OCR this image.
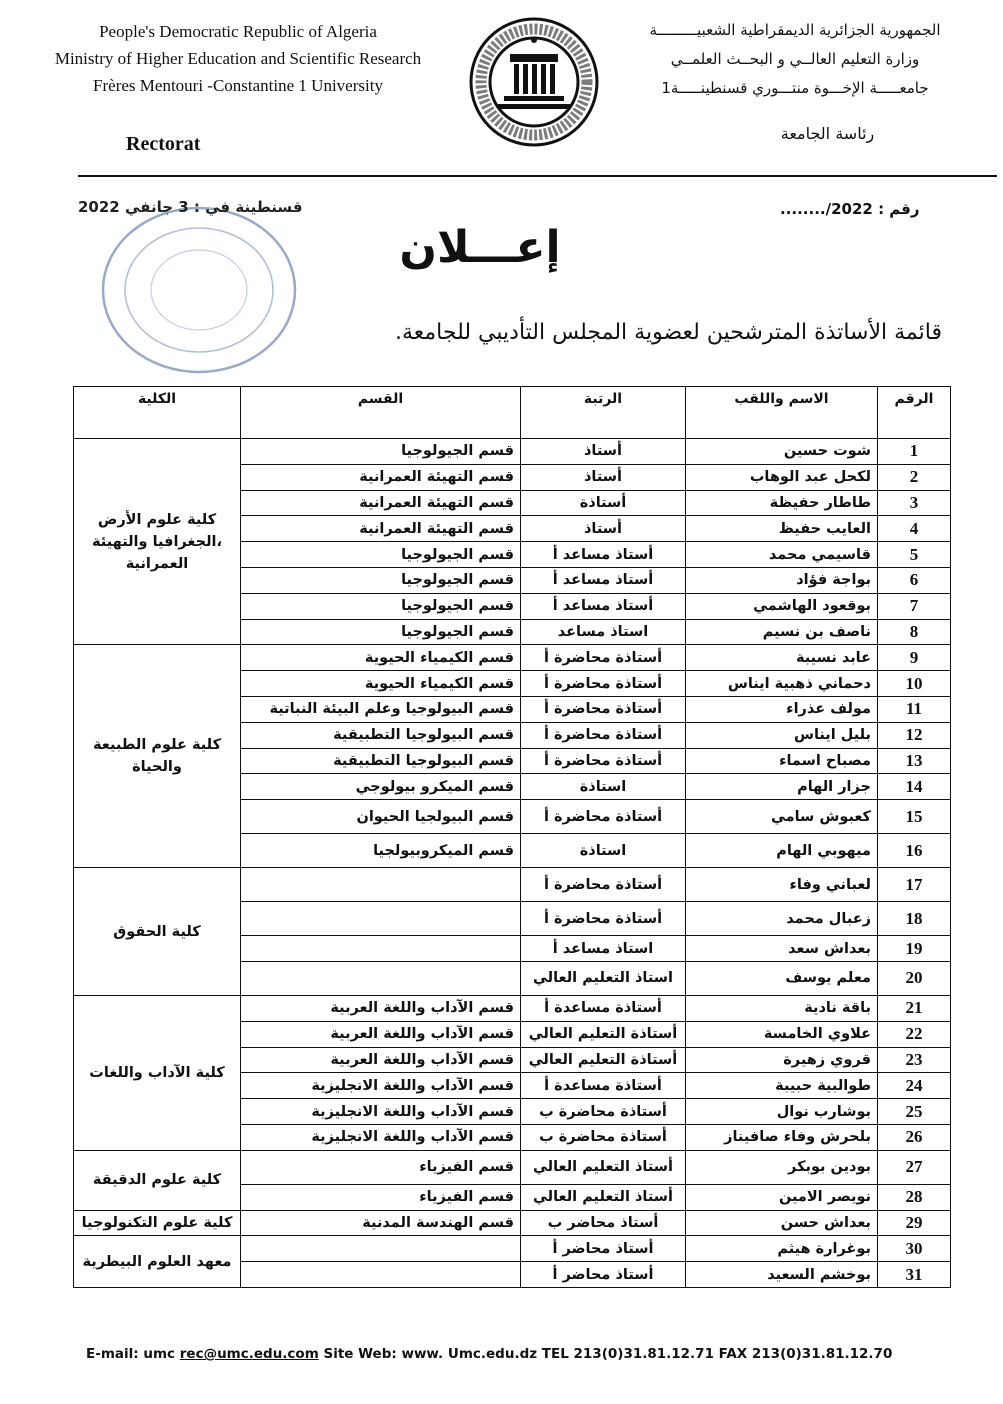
People's Democratic Republic of Algeria
Ministry of Higher Education and Scientific Research
Frères Mentouri -Constantine 1 University
الجمهورية الجزائرية الديمقراطية الشعبيـــــــــة
وزارة التعليم العالــي و البحــث العلمــي
جامعـــــة الإخـــوة منتـــوري قسنطينـــــة1
Rectorat	رئاسة الجامعة
رقم : 2022/........
قسنطينة في : 3 جانفي 2022
إعـــلان
قائمة الأساتذة المترشحين لعضوية المجلس التأديبي للجامعة.
الرقم	الاسم واللقب	الرتبة	القسم	الكلية
1	شوت حسين	أستاذ	قسم الجيولوجيا	كلية علوم الأرض ،الجغرافيا والتهيئة العمرانية
2	لكحل عبد الوهاب	أستاذ	قسم التهيئة العمرانية	
3	طاطار حفيظة	أستاذة	قسم التهيئة العمرانية	
4	العايب حفيظ	أستاذ	قسم التهيئة العمرانية	
5	قاسيمي محمد	أستاذ مساعد أ	قسم الجيولوجيا	
6	بواجة فؤاد	أستاذ مساعد أ	قسم الجيولوجيا	
7	بوقعود الهاشمي	أستاذ مساعد أ	قسم الجيولوجيا	
8	ناصف بن نسيم	استاذ مساعد	قسم الجيولوجيا	
9	عابد نسيبة	أستاذة محاضرة أ	قسم الكيمياء الحيوية	كلية علوم الطبيعة والحياة
10	دحماني ذهبية ايناس	أستاذة محاضرة أ	قسم الكيمياء الحيوية	
11	مولف عذراء	أستاذة محاضرة أ	قسم البيولوجيا وعلم البيئة النباتية	
12	بليل ايناس	أستاذة محاضرة أ	قسم البيولوجيا التطبيقية	
13	مصباح اسماء	أستاذة محاضرة أ	قسم البيولوجيا التطبيقية	
14	جزار الهام	استاذة	قسم الميكرو بيولوجي	
15	كعبوش سامي	أستاذة محاضرة أ	قسم البيولجيا الحيوان	
16	ميهوبي الهام	استاذة	قسم الميكروبيولجيا	
17	لعباني وفاء	أستاذة محاضرة أ		كلية الحقوق
18	زعبال محمد	أستاذة محاضرة أ		
19	بعداش سعد	استاذ مساعد أ		
20	معلم يوسف	استاذ التعليم العالي		
21	باقة نادية	أستاذة مساعدة أ	قسم الآداب واللغة العربية	كلية الآداب واللغات
22	علاوي الخامسة	أستاذة التعليم العالي	قسم الآداب واللغة العربية	
23	قروي زهيرة	أستاذة التعليم العالي	قسم الآداب واللغة العربية	
24	طوالبية حبيبة	أستاذة مساعدة أ	قسم الآداب واللغة الانجليزية	
25	بوشارب نوال	أستاذة محاضرة ب	قسم الآداب واللغة الانجليزية	
26	بلحرش وفاء صافيناز	أستاذة محاضرة ب	قسم الآداب واللغة الانجليزية	
27	بودين بوبكر	أستاذ التعليم العالي	قسم الفيزياء	كلية علوم الدقيقة
28	نويصر الامين	أستاذ التعليم العالي	قسم الفيزياء	
29	بعداش حسن	أستاذ محاضر ب	قسم الهندسة المدنية	كلية علوم التكنولوجيا
30	بوغرارة هيثم	أستاذ محاضر أ		معهد العلوم البيطرية
31	بوخشم السعيد	أستاذ محاضر أ		
E-mail: umc rec@umc.edu.com Site Web: www. Umc.edu.dz TEL 213(0)31.81.12.71 FAX 213(0)31.81.12.70
